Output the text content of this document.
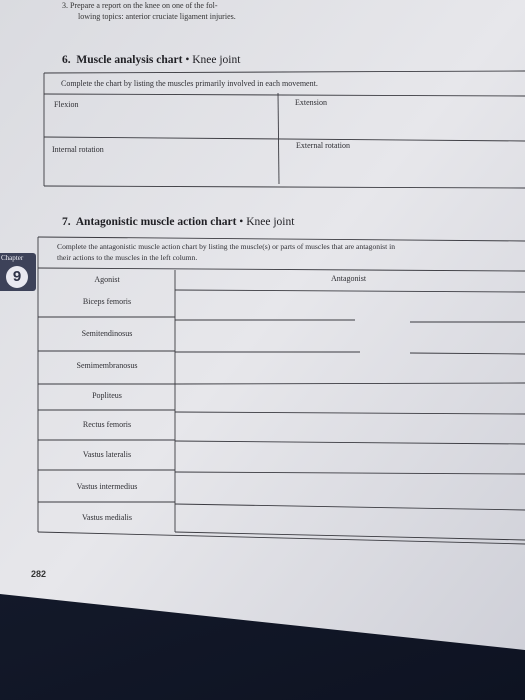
3. Prepare a report on the knee on one of the fol-
lowing topics: anterior cruciate ligament injuries.
6. Muscle analysis chart • Knee joint
Complete the chart by listing the muscles primarily involved in each movement.
Flexion	Extension
Internal rotation	External rotation
7. Antagonistic muscle action chart • Knee joint
Complete the antagonistic muscle action chart by listing the muscle(s) or parts of muscles that are antagonist in
their actions to the muscles in the left column.
Agonist	Antagonist
Biceps femoris
Semitendinosus
Semimembranosus
Popliteus
Rectus femoris
Vastus lateralis
Vastus intermedius
Vastus medialis
Chapter
9
282
